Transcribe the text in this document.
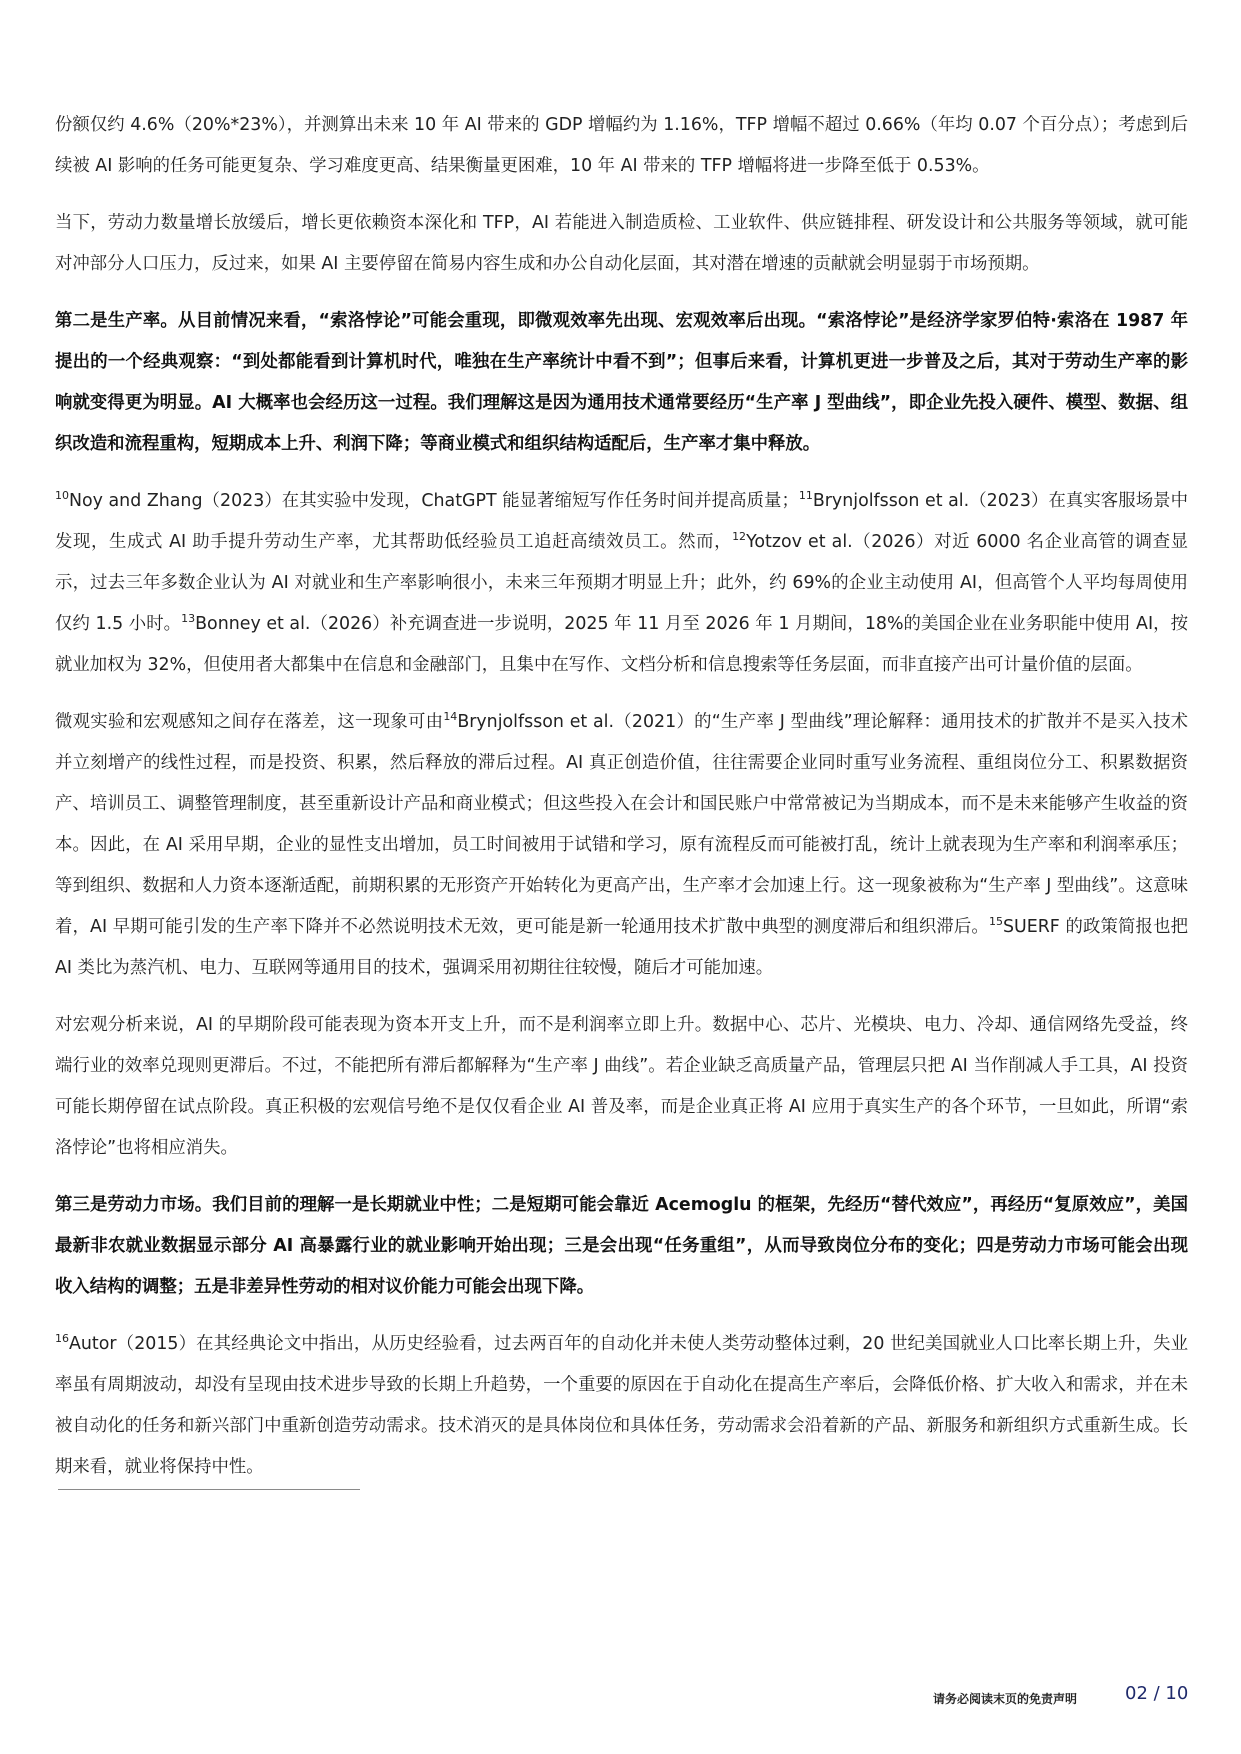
份额仅约 4.6%（20%*23%），并测算出未来 10 年 AI 带来的 GDP 增幅约为 1.16%，TFP 增幅不超过 0.66%（年均 0.07 个百分点）；考虑到后续被 AI 影响的任务可能更复杂、学习难度更高、结果衡量更困难，10 年 AI 带来的 TFP 增幅将进一步降至低于 0.53%。

当下，劳动力数量增长放缓后，增长更依赖资本深化和 TFP，AI 若能进入制造质检、工业软件、供应链排程、研发设计和公共服务等领域，就可能对冲部分人口压力，反过来，如果 AI 主要停留在简易内容生成和办公自动化层面，其对潜在增速的贡献就会明显弱于市场预期。

第二是生产率。从目前情况来看，“索洛悖论”可能会重现，即微观效率先出现、宏观效率后出现。“索洛悖论”是经济学家罗伯特·索洛在 1987 年提出的一个经典观察：“到处都能看到计算机时代，唯独在生产率统计中看不到”；但事后来看，计算机更进一步普及之后，其对于劳动生产率的影响就变得更为明显。AI 大概率也会经历这一过程。我们理解这是因为通用技术通常要经历“生产率 J 型曲线”，即企业先投入硬件、模型、数据、组织改造和流程重构，短期成本上升、利润下降；等商业模式和组织结构适配后，生产率才集中释放。

$^{10}$Noy and Zhang（2023）在其实验中发现，ChatGPT 能显著缩短写作任务时间并提高质量；$^{11}$Brynjolfsson et al.（2023）在真实客服场景中发现，生成式 AI 助手提升劳动生产率，尤其帮助低经验员工追赶高绩效员工。然而，$^{12}$Yotzov et al.（2026）对近 6000 名企业高管的调查显示，过去三年多数企业认为 AI 对就业和生产率影响很小，未来三年预期才明显上升；此外，约 69%的企业主动使用 AI，但高管个人平均每周使用仅约 1.5 小时。$^{13}$Bonney et al.（2026）补充调查进一步说明，2025 年 11 月至 2026 年 1 月期间，18%的美国企业在业务职能中使用 AI，按就业加权为 32%，但使用者大都集中在信息和金融部门，且集中在写作、文档分析和信息搜索等任务层面，而非直接产出可计量价值的层面。

微观实验和宏观感知之间存在落差，这一现象可由$^{14}$Brynjolfsson et al.（2021）的“生产率 J 型曲线”理论解释：通用技术的扩散并不是买入技术并立刻增产的线性过程，而是投资、积累，然后释放的滞后过程。AI 真正创造价值，往往需要企业同时重写业务流程、重组岗位分工、积累数据资产、培训员工、调整管理制度，甚至重新设计产品和商业模式；但这些投入在会计和国民账户中常常被记为当期成本，而不是未来能够产生收益的资本。因此，在 AI 采用早期，企业的显性支出增加，员工时间被用于试错和学习，原有流程反而可能被打乱，统计上就表现为生产率和利润率承压；等到组织、数据和人力资本逐渐适配，前期积累的无形资产开始转化为更高产出，生产率才会加速上行。这一现象被称为“生产率 J 型曲线”。这意味着，AI 早期可能引发的生产率下降并不必然说明技术无效，更可能是新一轮通用技术扩散中典型的测度滞后和组织滞后。$^{15}$SUERF 的政策简报也把 AI 类比为蒸汽机、电力、互联网等通用目的技术，强调采用初期往往较慢，随后才可能加速。

对宏观分析来说，AI 的早期阶段可能表现为资本开支上升，而不是利润率立即上升。数据中心、芯片、光模块、电力、冷却、通信网络先受益，终端行业的效率兑现则更滞后。不过，不能把所有滞后都解释为“生产率 J 曲线”。若企业缺乏高质量产品，管理层只把 AI 当作削减人手工具，AI 投资可能长期停留在试点阶段。真正积极的宏观信号绝不是仅仅看企业 AI 普及率，而是企业真正将 AI 应用于真实生产的各个环节，一旦如此，所谓“索洛悖论”也将相应消失。

第三是劳动力市场。我们目前的理解一是长期就业中性；二是短期可能会靠近 Acemoglu 的框架，先经历“替代效应”，再经历“复原效应”，美国最新非农就业数据显示部分 AI 高暴露行业的就业影响开始出现；三是会出现“任务重组”，从而导致岗位分布的变化；四是劳动力市场可能会出现收入结构的调整；五是非差异性劳动的相对议价能力可能会出现下降。

$^{16}$Autor（2015）在其经典论文中指出，从历史经验看，过去两百年的自动化并未使人类劳动整体过剩，20 世纪美国就业人口比率长期上升，失业率虽有周期波动，却没有呈现由技术进步导致的长期上升趋势，一个重要的原因在于自动化在提高生产率后，会降低价格、扩大收入和需求，并在未被自动化的任务和新兴部门中重新创造劳动需求。技术消灭的是具体岗位和具体任务，劳动需求会沿着新的产品、新服务和新组织方式重新生成。长期来看，就业将保持中性。

请务必阅读末页的免责声明	02 / 10
